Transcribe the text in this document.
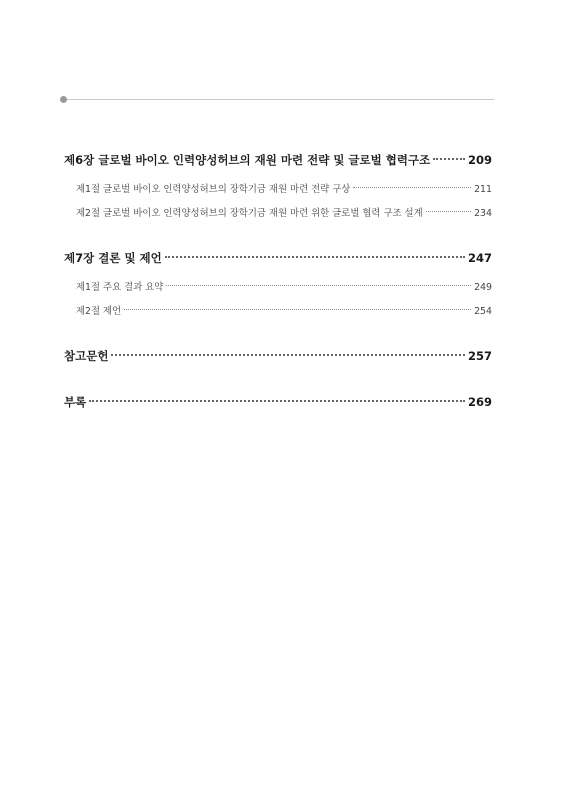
제6장 글로벌 바이오 인력양성허브의 재원 마련 전략 및 글로벌 협력구조	209
제1절 글로벌 바이오 인력양성허브의 장학기금 재원 마련 전략 구상	211
제2절 글로벌 바이오 인력양성허브의 장학기금 재원 마련 위한 글로벌 협력 구조 설계	234
제7장 결론 및 제언	247
제1절 주요 결과 요약	249
제2절 제언	254
참고문헌	257
부록	269
